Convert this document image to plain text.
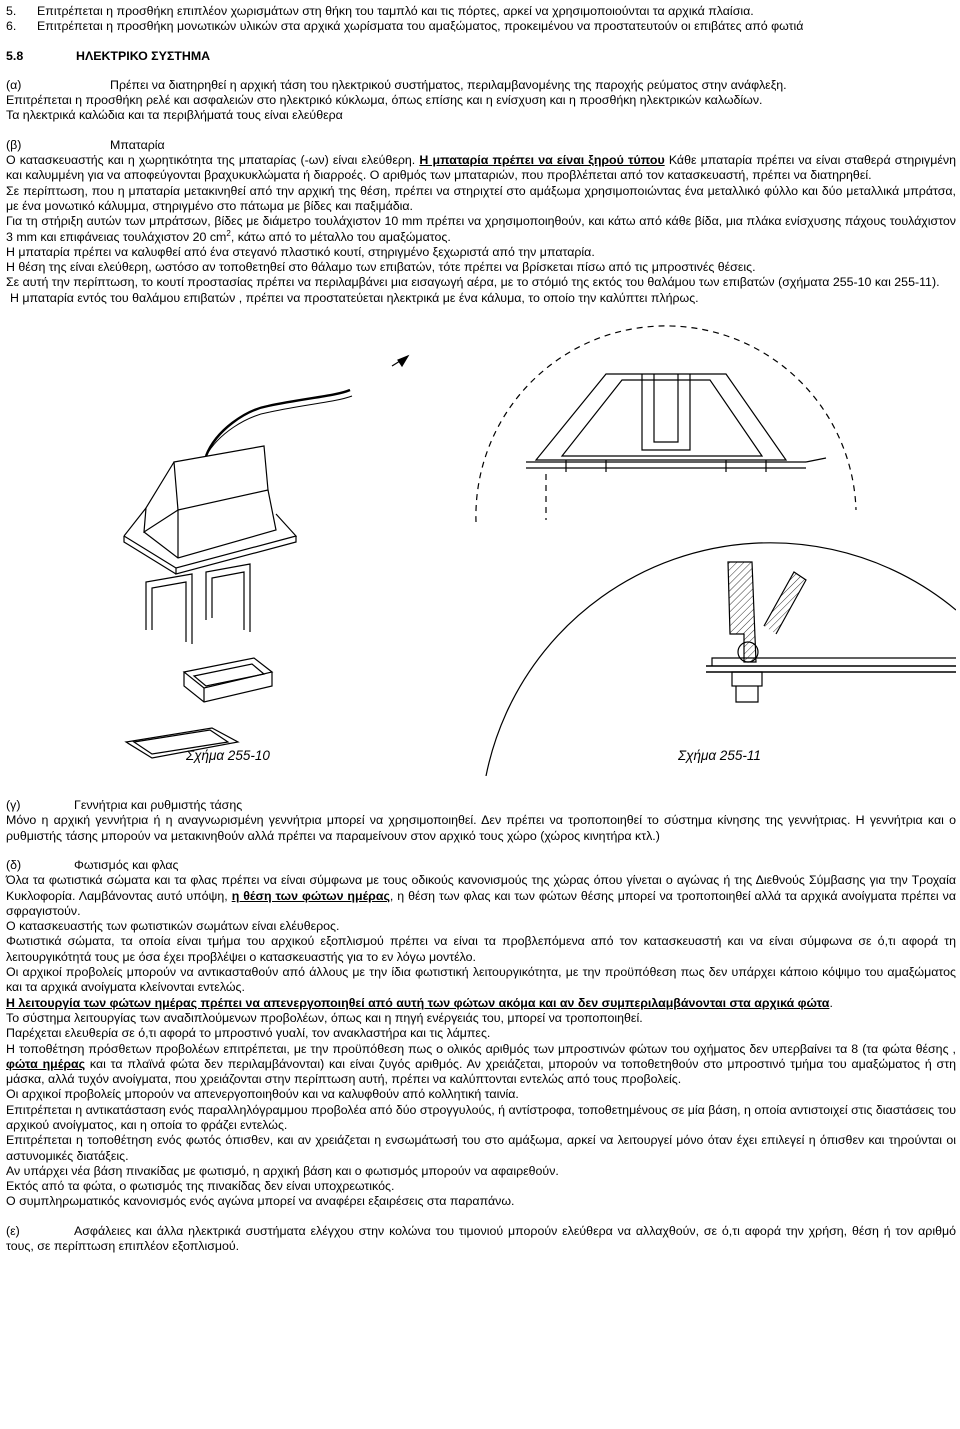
5.	Επιτρέπεται η προσθήκη επιπλέον χωρισμάτων στη θήκη του ταμπλό και τις πόρτες, αρκεί να χρησιμοποιούνται τα αρχικά πλαίσια.
6.	Επιτρέπεται η προσθήκη μονωτικών υλικών στα αρχικά χωρίσματα του αμαξώματος, προκειμένου να προστατευτούν οι επιβάτες από φωτιά
5.8	ΗΛΕΚΤΡΙΚΟ ΣΥΣΤΗΜΑ

(α)	Πρέπει να διατηρηθεί η αρχική τάση του ηλεκτρικού συστήματος, περιλαμβανομένης της παροχής ρεύματος στην ανάφλεξη.

Επιτρέπεται η προσθήκη ρελέ και ασφαλειών στο ηλεκτρικό κύκλωμα, όπως επίσης και η ενίσχυση και η προσθήκη ηλεκτρικών καλωδίων.

Τα ηλεκτρικά καλώδια και τα περιβλήματά τους είναι ελεύθερα

(β)	Μπαταρία

Ο κατασκευαστής και η χωρητικότητα της μπαταρίας (-ων) είναι ελεύθερη. Η μπαταρία πρέπει να είναι ξηρού τύπου Κάθε μπαταρία πρέπει να είναι σταθερά στηριγμένη και καλυμμένη για να αποφεύγονται βραχυκυκλώματα ή διαρροές. Ο αριθμός των μπαταριών, που προβλέπεται από τον κατασκευαστή, πρέπει να διατηρηθεί.

Σε περίπτωση, που η μπαταρία μετακινηθεί από την αρχική της θέση, πρέπει να στηριχτεί στο αμάξωμα χρησιμοποιώντας ένα μεταλλικό φύλλο και δύο μεταλλικά μπράτσα, με ένα μονωτικό κάλυμμα, στηριγμένο στο πάτωμα με βίδες και παξιμάδια.

Για τη στήριξη αυτών των μπράτσων, βίδες με διάμετρο τουλάχιστον 10 mm πρέπει να χρησιμοποιηθούν, και κάτω από κάθε βίδα, μια πλάκα ενίσχυσης πάχους τουλάχιστον 3 mm και επιφάνειας τουλάχιστον 20 $cm^2$, κάτω από το μέταλλο του αμαξώματος.

Η μπαταρία πρέπει να καλυφθεί από ένα στεγανό πλαστικό κουτί, στηριγμένο ξεχωριστά από την μπαταρία.

Η θέση της είναι ελεύθερη, ωστόσο αν τοποθετηθεί στο θάλαμο των επιβατών, τότε πρέπει να βρίσκεται πίσω από τις μπροστινές θέσεις.

Σε αυτή την περίπτωση, το κουτί προστασίας πρέπει να περιλαμβάνει μια εισαγωγή αέρα, με το στόμιό της εκτός του θαλάμου των επιβατών (σχήματα 255-10 και 255-11).

Η μπαταρία εντός του θαλάμου επιβατών , πρέπει να προστατεύεται ηλεκτρικά με ένα κάλυμα, το οποίο την καλύπτει πλήρως.

Σχήμα 255-10	Σχήμα 255-11

(γ)	Γεννήτρια και ρυθμιστής τάσης

Μόνο η αρχική γεννήτρια ή η αναγνωρισμένη γεννήτρια μπορεί να χρησιμοποιηθεί. Δεν πρέπει να τροποποιηθεί το σύστημα κίνησης της γεννήτριας. Η γεννήτρια και ο ρυθμιστής τάσης μπορούν να μετακινηθούν αλλά πρέπει να παραμείνουν στον αρχικό τους χώρο (χώρος κινητήρα κτλ.)

(δ)	Φωτισμός και φλας

Όλα τα φωτιστικά σώματα και τα φλας πρέπει να είναι σύμφωνα με τους οδικούς κανονισμούς της χώρας όπου γίνεται ο αγώνας ή της Διεθνούς Σύμβασης για την Τροχαία Κυκλοφορία. Λαμβάνοντας αυτό υπόψη, η θέση των φώτων ημέρας, η θέση των φλας και των φώτων θέσης μπορεί να τροποποιηθεί αλλά τα αρχικά ανοίγματα πρέπει να σφραγιστούν.

Ο κατασκευαστής των φωτιστικών σωμάτων είναι ελέυθερος.

Φωτιστικά σώματα, τα οποία είναι τμήμα του αρχικού εξοπλισμού πρέπει να είναι τα προβλεπόμενα από τον κατασκευαστή και να είναι σύμφωνα σε ό,τι αφορά τη λειτουργικότητά τους με όσα έχει προβλέψει ο κατασκευαστής για το εν λόγω μοντέλο.

Οι αρχικοί προβολείς μπορούν να αντικασταθούν από άλλους με την ίδια φωτιστική λειτουργικότητα, με την προϋπόθεση πως δεν υπάρχει κάποιο κόψιμο του αμαξώματος και τα αρχικά ανοίγματα κλείνονται εντελώς.

Η λειτουργία των φώτων ημέρας πρέπει να απενεργοποιηθεί από αυτή των φώτων ακόμα και αν δεν συμπεριλαμβάνονται στα αρχικά φώτα.

Το σύστημα λειτουργίας των αναδιπλούμενων προβολέων, όπως και η πηγή ενέργειάς του, μπορεί να τροποποιηθεί.

Παρέχεται ελευθερία σε ό,τι αφορά το μπροστινό γυαλί, τον ανακλαστήρα και τις λάμπες.

Η τοποθέτηση πρόσθετων προβολέων επιτρέπεται, με την προϋπόθεση πως ο ολικός αριθμός των μπροστινών φώτων του οχήματος δεν υπερβαίνει τα 8 (τα φώτα θέσης , φώτα ημέρας και τα πλαϊνά φώτα δεν περιλαμβάνονται) και είναι ζυγός αριθμός. Αν χρειάζεται, μπορούν να τοποθετηθούν στο μπροστινό τμήμα του αμαξώματος ή στη μάσκα, αλλά τυχόν ανοίγματα, που χρειάζονται στην περίπτωση αυτή, πρέπει να καλύπτονται εντελώς από τους προβολείς.

Οι αρχικοί προβολείς μπορούν να απενεργοποιηθούν και να καλυφθούν από κολλητική ταινία.

Επιτρέπεται η αντικατάσταση ενός παραλληλόγραμμου προβολέα από δύο στρογγυλούς, ή αντίστροφα, τοποθετημένους σε μία βάση, η οποία αντιστοιχεί στις διαστάσεις του αρχικού ανοίγματος, και η οποία το φράζει εντελώς.

Επιτρέπεται η τοποθέτηση ενός φωτός όπισθεν, και αν χρειάζεται η ενσωμάτωσή του στο αμάξωμα, αρκεί να λειτουργεί μόνο όταν έχει επιλεγεί η όπισθεν και τηρούνται οι αστυνομικές διατάξεις.

Αν υπάρχει νέα βάση πινακίδας με φωτισμό, η αρχική βάση και ο φωτισμός μπορούν να αφαιρεθούν.

Εκτός από τα φώτα, ο φωτισμός της πινακίδας δεν είναι υποχρεωτικός.

Ο συμπληρωματικός κανονισμός ενός αγώνα μπορεί να αναφέρει εξαιρέσεις στα παραπάνω.

(ε)	Ασφάλειες και άλλα ηλεκτρικά συστήματα ελέγχου στην κολώνα του τιμονιού μπορούν ελεύθερα να αλλαχθούν, σε ό,τι αφορά την χρήση, θέση ή τον αριθμό τους, σε περίπτωση επιπλέον εξοπλισμού.
